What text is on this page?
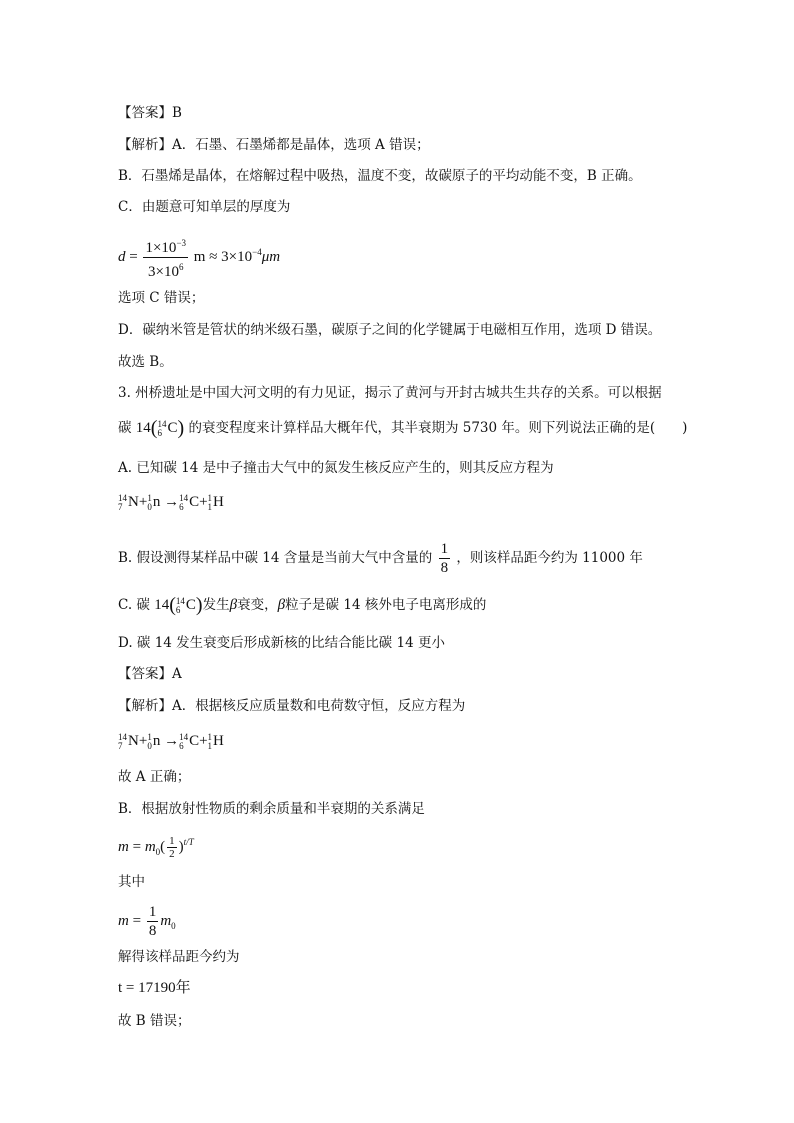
【答案】B
【解析】A．石墨、石墨烯都是晶体，选项 A 错误；
B．石墨烯是晶体，在熔解过程中吸热，温度不变，故碳原子的平均动能不变，B 正确。
C．由题意可知单层的厚度为
$d = \frac{1\times 10^{-3}}{3\times 10^6}$ $m \approx 3\times 10^{-4}\mu m$
选项 C 错误；
D．碳纳米管是管状的纳米级石墨，碳原子之间的化学键属于电磁相互作用，选项 D 错误。
故选 B。
3. 州桥遗址是中国大河文明的有力见证，揭示了黄河与开封古城共生共存的关系。可以根据
碳 14( 14
6 C) 的衰变程度来计算样品大概年代，其半衰期为 5730 年。则下列说法正确的是(　　)
A. 已知碳 14 是中子撞击大气中的氮发生核反应产生的，则其反应方程为
14
7 N+ 1
0 n → 14
6 C+ 1
1 H
B. 假设测得某样品中碳 14 含量是当前大气中含量的 $\frac{1}{8}$ ，则该样品距今约为 11000 年
C. 碳 14( 14
6 C)发生β衰变，β粒子是碳 14 核外电子电离形成的
D. 碳 14 发生衰变后形成新核的比结合能比碳 14 更小
【答案】A
【解析】A．根据核反应质量数和电荷数守恒，反应方程为
14
7 N+ 1
0 n → 14
6 C+ 1
1 H
故 A 正确；
B．根据放射性物质的剩余质量和半衰期的关系满足
$m = m_0( \frac{1}{2} )^{t/T}$
其中
$m = \frac{1}{8} m_0$
解得该样品距今约为
t = 17190年
故 B 错误；
